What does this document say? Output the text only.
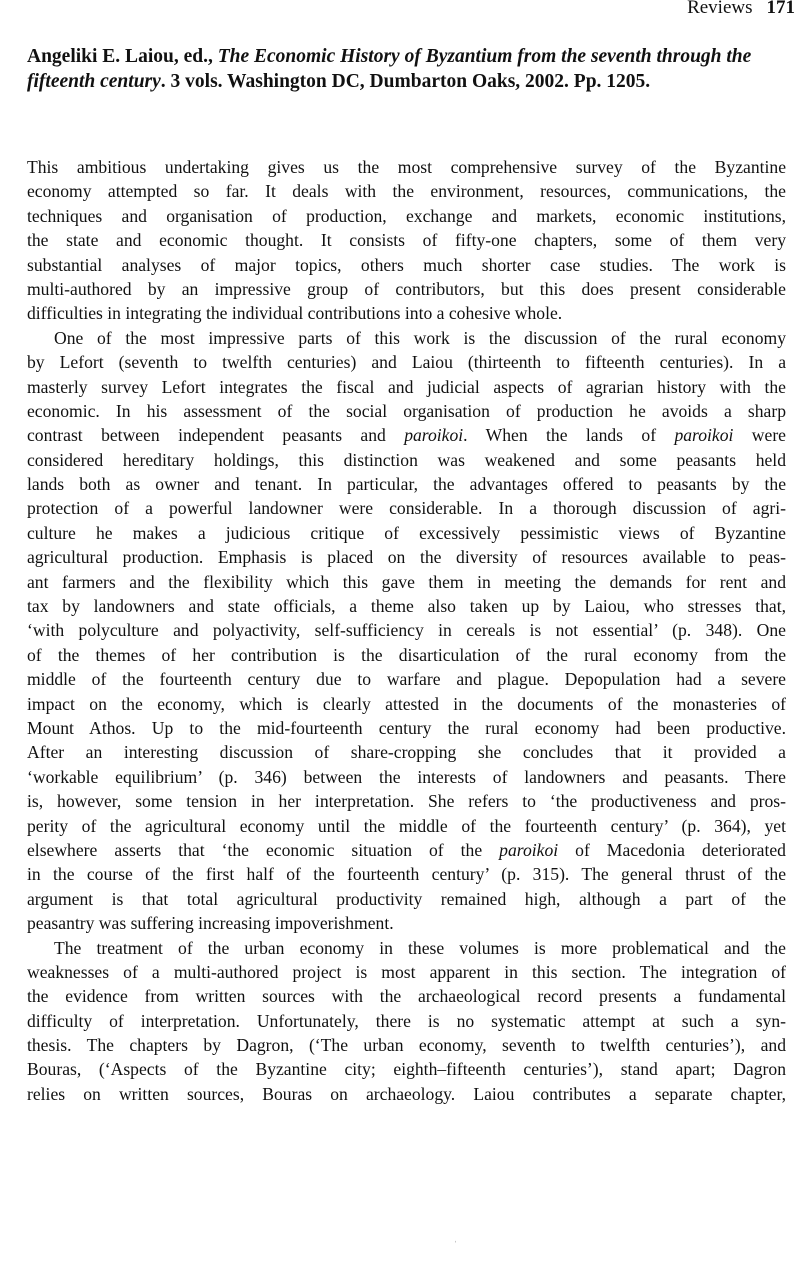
Reviews 171
Angeliki E. Laiou, ed., The Economic History of Byzantium from the seventh through the
fifteenth century. 3 vols. Washington DC, Dumbarton Oaks, 2002. Pp. 1205.
This ambitious undertaking gives us the most comprehensive survey of the Byzantine
economy attempted so far. It deals with the environment, resources, communications, the
techniques and organisation of production, exchange and markets, economic institutions,
the state and economic thought. It consists of fifty-one chapters, some of them very
substantial analyses of major topics, others much shorter case studies. The work is
multi-authored by an impressive group of contributors, but this does present considerable
difficulties in integrating the individual contributions into a cohesive whole.
One of the most impressive parts of this work is the discussion of the rural economy
by Lefort (seventh to twelfth centuries) and Laiou (thirteenth to fifteenth centuries). In a
masterly survey Lefort integrates the fiscal and judicial aspects of agrarian history with the
economic. In his assessment of the social organisation of production he avoids a sharp
contrast between independent peasants and paroikoi. When the lands of paroikoi were
considered hereditary holdings, this distinction was weakened and some peasants held
lands both as owner and tenant. In particular, the advantages offered to peasants by the
protection of a powerful landowner were considerable. In a thorough discussion of agri-
culture he makes a judicious critique of excessively pessimistic views of Byzantine
agricultural production. Emphasis is placed on the diversity of resources available to peas-
ant farmers and the flexibility which this gave them in meeting the demands for rent and
tax by landowners and state officials, a theme also taken up by Laiou, who stresses that,
‘with polyculture and polyactivity, self-sufficiency in cereals is not essential’ (p. 348). One
of the themes of her contribution is the disarticulation of the rural economy from the
middle of the fourteenth century due to warfare and plague. Depopulation had a severe
impact on the economy, which is clearly attested in the documents of the monasteries of
Mount Athos. Up to the mid-fourteenth century the rural economy had been productive.
After an interesting discussion of share-cropping she concludes that it provided a
‘workable equilibrium’ (p. 346) between the interests of landowners and peasants. There
is, however, some tension in her interpretation. She refers to ‘the productiveness and pros-
perity of the agricultural economy until the middle of the fourteenth century’ (p. 364), yet
elsewhere asserts that ‘the economic situation of the paroikoi of Macedonia deteriorated
in the course of the first half of the fourteenth century’ (p. 315). The general thrust of the
argument is that total agricultural productivity remained high, although a part of the
peasantry was suffering increasing impoverishment.
The treatment of the urban economy in these volumes is more problematical and the
weaknesses of a multi-authored project is most apparent in this section. The integration of
the evidence from written sources with the archaeological record presents a fundamental
difficulty of interpretation. Unfortunately, there is no systematic attempt at such a syn-
thesis. The chapters by Dagron, (‘The urban economy, seventh to twelfth centuries’), and
Bouras, (‘Aspects of the Byzantine city; eighth–fifteenth centuries’), stand apart; Dagron
relies on written sources, Bouras on archaeology. Laiou contributes a separate chapter,
ˌ
